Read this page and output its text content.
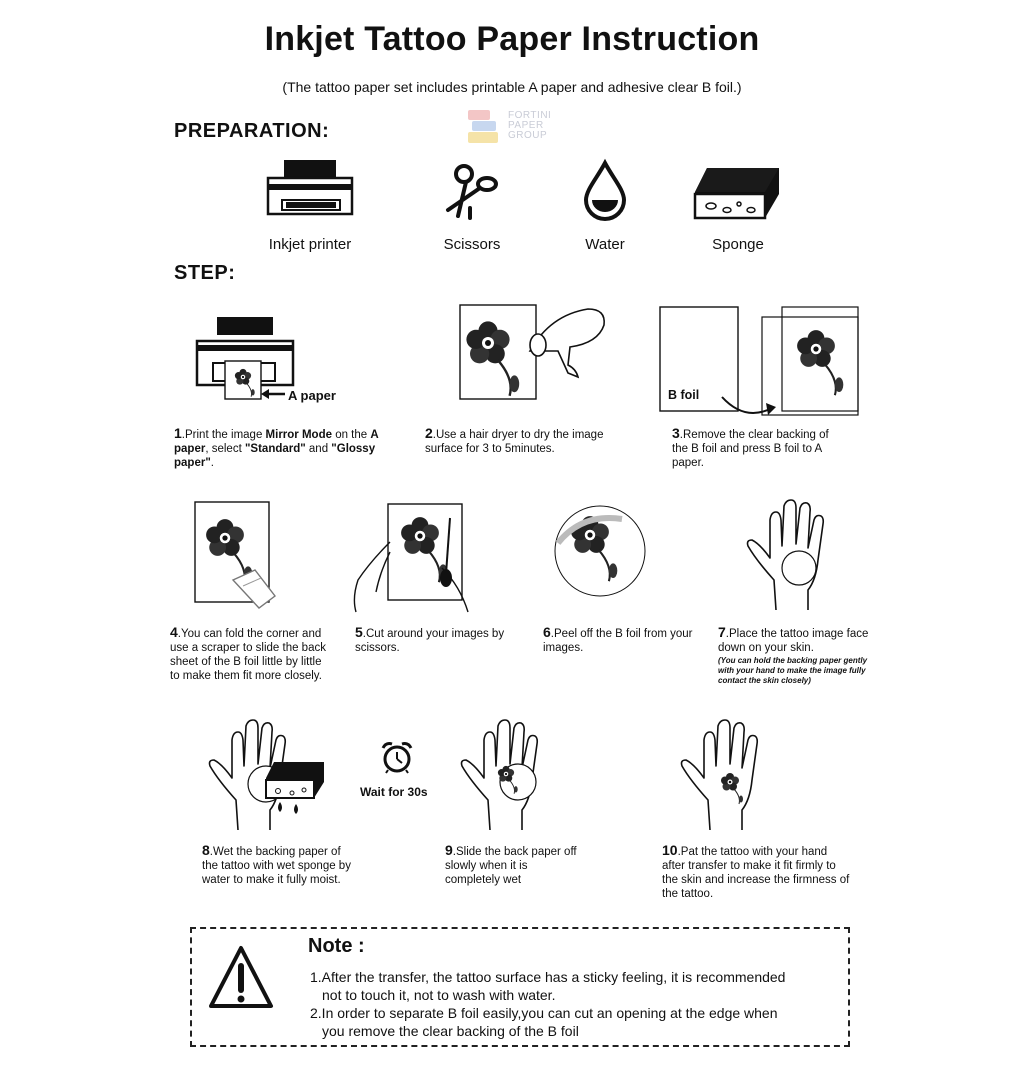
Inkjet Tattoo Paper Instruction
(The tattoo paper set includes printable A paper and adhesive clear B foil.)
FORTINI
PAPER
GROUP
PREPARATION:
Inkjet printer	Scissors	Water	Sponge
STEP:
A paper	B foil
1.Print the image Mirror Mode on the A paper, select "Standard" and "Glossy paper".
2.Use a hair dryer to dry the image surface for 3 to 5minutes.
3.Remove the clear backing of the B foil and press B foil to A paper.
4.You can fold the corner and use a scraper to slide the back sheet of the B foil little by little to make them fit more closely.
5.Cut around your images by scissors.
6.Peel off the B foil from your images.
7.Place the tattoo image face down on your skin.
(You can hold the backing paper gently with your hand to make the image fully contact the skin closely)
Wait for 30s
8.Wet the backing paper of the tattoo with wet sponge by water to make it fully moist.
9.Slide the back paper off slowly when it is completely wet
10.Pat the tattoo with your hand after transfer to make it fit firmly to the skin and increase the firmness of the tattoo.
Note :
1.After the transfer, the tattoo surface has a sticky feeling, it is recommended
not to touch it, not to wash with water.
2.In order to separate B foil easily,you can cut an opening at the edge when
you remove the clear backing of the B foil
